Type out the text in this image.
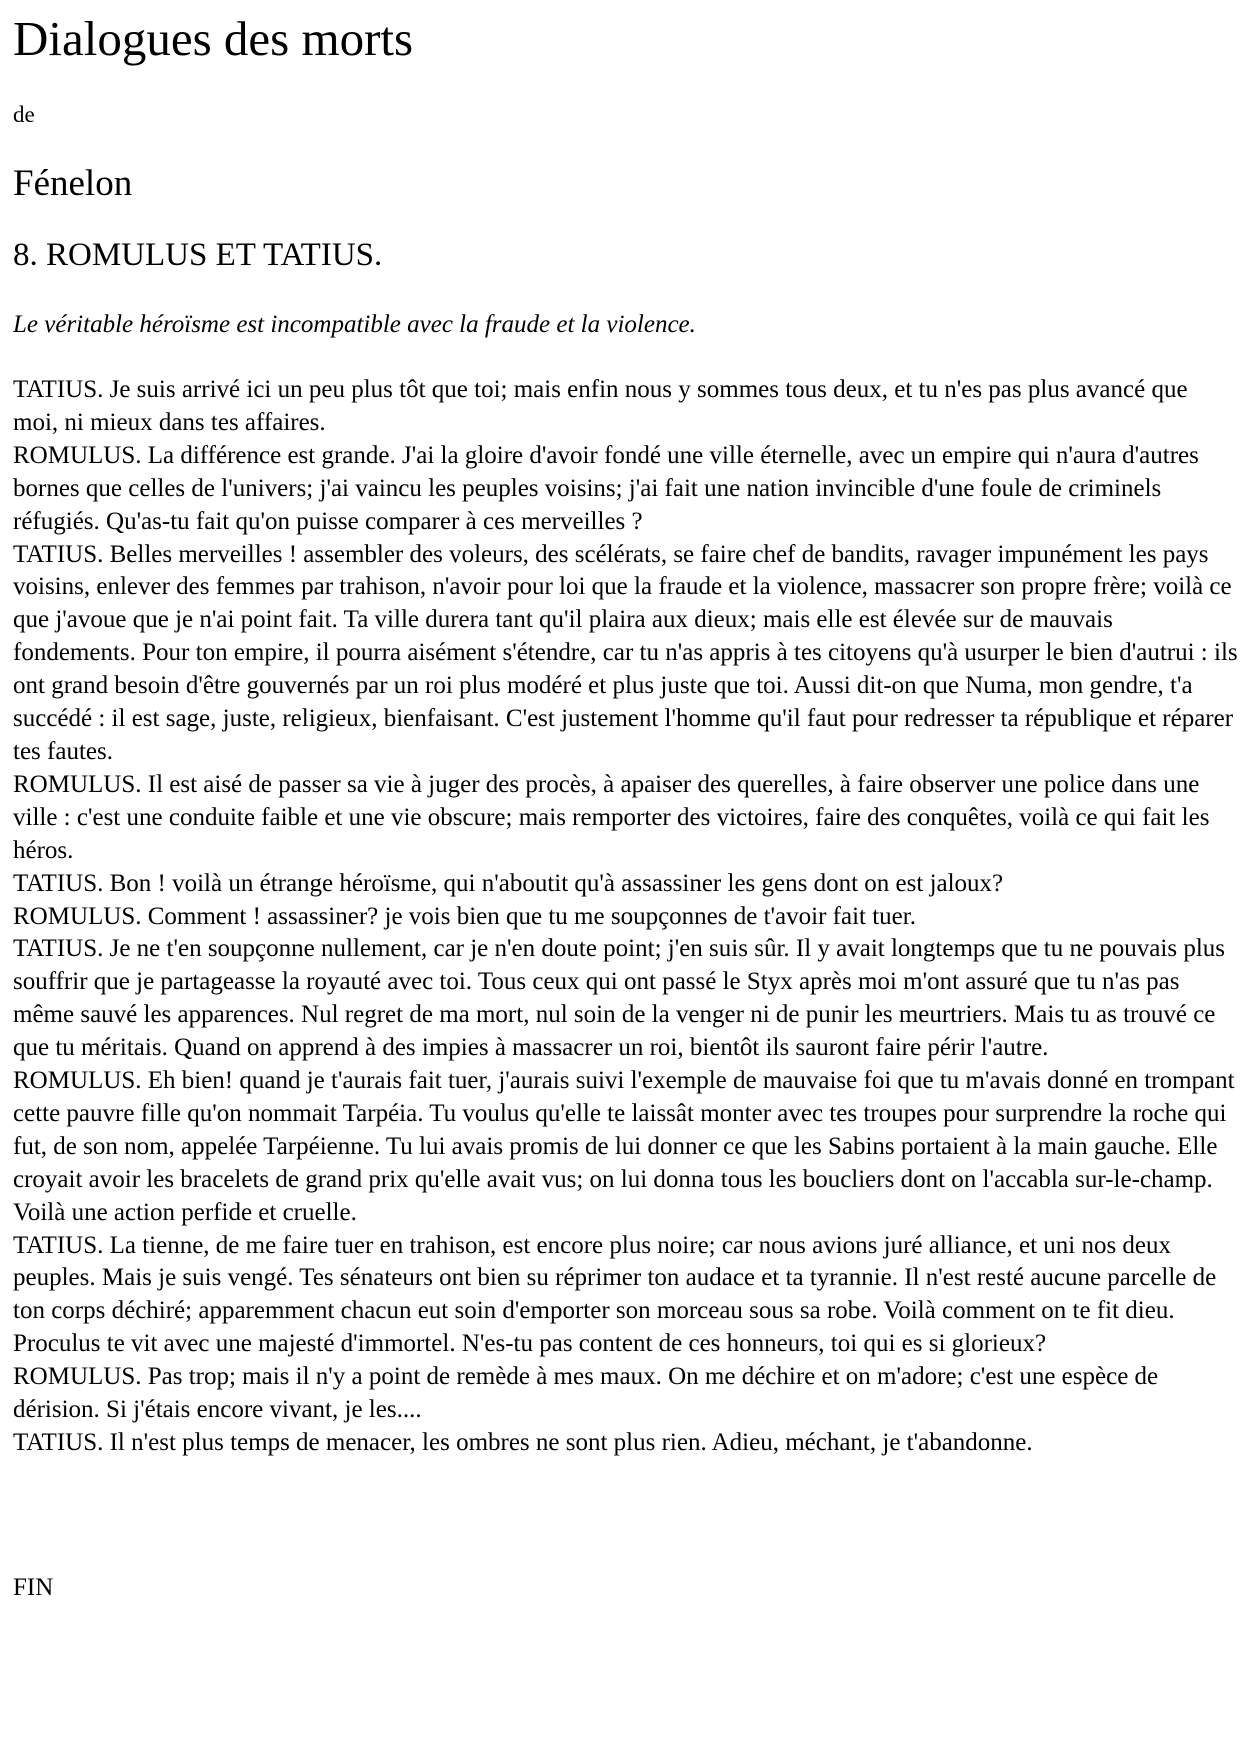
Dialogues des morts

de

Fénelon
8. ROMULUS ET TATIUS.

Le véritable héroïsme est incompatible avec la fraude et la violence.

TATIUS. Je suis arrivé ici un peu plus tôt que toi; mais enfin nous y sommes tous deux, et tu n'es pas plus avancé que moi, ni mieux dans tes affaires.

ROMULUS. La différence est grande. J'ai la gloire d'avoir fondé une ville éternelle, avec un empire qui n'aura d'autres bornes que celles de l'univers; j'ai vaincu les peuples voisins; j'ai fait une nation invincible d'une foule de criminels réfugiés. Qu'as-tu fait qu'on puisse comparer à ces merveilles ?

TATIUS. Belles merveilles ! assembler des voleurs, des scélérats, se faire chef de bandits, ravager impunément les pays voisins, enlever des femmes par trahison, n'avoir pour loi que la fraude et la violence, massacrer son propre frère; voilà ce que j'avoue que je n'ai point fait. Ta ville durera tant qu'il plaira aux dieux; mais elle est élevée sur de mauvais fondements. Pour ton empire, il pourra aisément s'étendre, car tu n'as appris à tes citoyens qu'à usurper le bien d'autrui : ils ont grand besoin d'être gouvernés par un roi plus modéré et plus juste que toi. Aussi dit-on que Numa, mon gendre, t'a succédé : il est sage, juste, religieux, bienfaisant. C'est justement l'homme qu'il faut pour redresser ta république et réparer tes fautes.

ROMULUS. Il est aisé de passer sa vie à juger des procès, à apaiser des querelles, à faire observer une police dans une ville : c'est une conduite faible et une vie obscure; mais remporter des victoires, faire des conquêtes, voilà ce qui fait les héros.

TATIUS. Bon ! voilà un étrange héroïsme, qui n'aboutit qu'à assassiner les gens dont on est jaloux?

ROMULUS. Comment ! assassiner? je vois bien que tu me soupçonnes de t'avoir fait tuer.

TATIUS. Je ne t'en soupçonne nullement, car je n'en doute point; j'en suis sûr. Il y avait longtemps que tu ne pouvais plus souffrir que je partageasse la royauté avec toi. Tous ceux qui ont passé le Styx après moi m'ont assuré que tu n'as pas même sauvé les apparences. Nul regret de ma mort, nul soin de la venger ni de punir les meurtriers. Mais tu as trouvé ce que tu méritais. Quand on apprend à des impies à massacrer un roi, bientôt ils sauront faire périr l'autre.

ROMULUS. Eh bien! quand je t'aurais fait tuer, j'aurais suivi l'exemple de mauvaise foi que tu m'avais donné en trompant cette pauvre fille qu'on nommait Tarpéia. Tu voulus qu'elle te laissât monter avec tes troupes pour surprendre la roche qui fut, de son nom, appelée Tarpéienne. Tu lui avais promis de lui donner ce que les Sabins portaient à la main gauche. Elle croyait avoir les bracelets de grand prix qu'elle avait vus; on lui donna tous les boucliers dont on l'accabla sur-le-champ. Voilà une action perfide et cruelle.

TATIUS. La tienne, de me faire tuer en trahison, est encore plus noire; car nous avions juré alliance, et uni nos deux peuples. Mais je suis vengé. Tes sénateurs ont bien su réprimer ton audace et ta tyrannie. Il n'est resté aucune parcelle de ton corps déchiré; apparemment chacun eut soin d'emporter son morceau sous sa robe. Voilà comment on te fit dieu. Proculus te vit avec une majesté d'immortel. N'es-tu pas content de ces honneurs, toi qui es si glorieux?

ROMULUS. Pas trop; mais il n'y a point de remède à mes maux. On me déchire et on m'adore; c'est une espèce de dérision. Si j'étais encore vivant, je les....

TATIUS. Il n'est plus temps de menacer, les ombres ne sont plus rien. Adieu, méchant, je t'abandonne.

FIN
